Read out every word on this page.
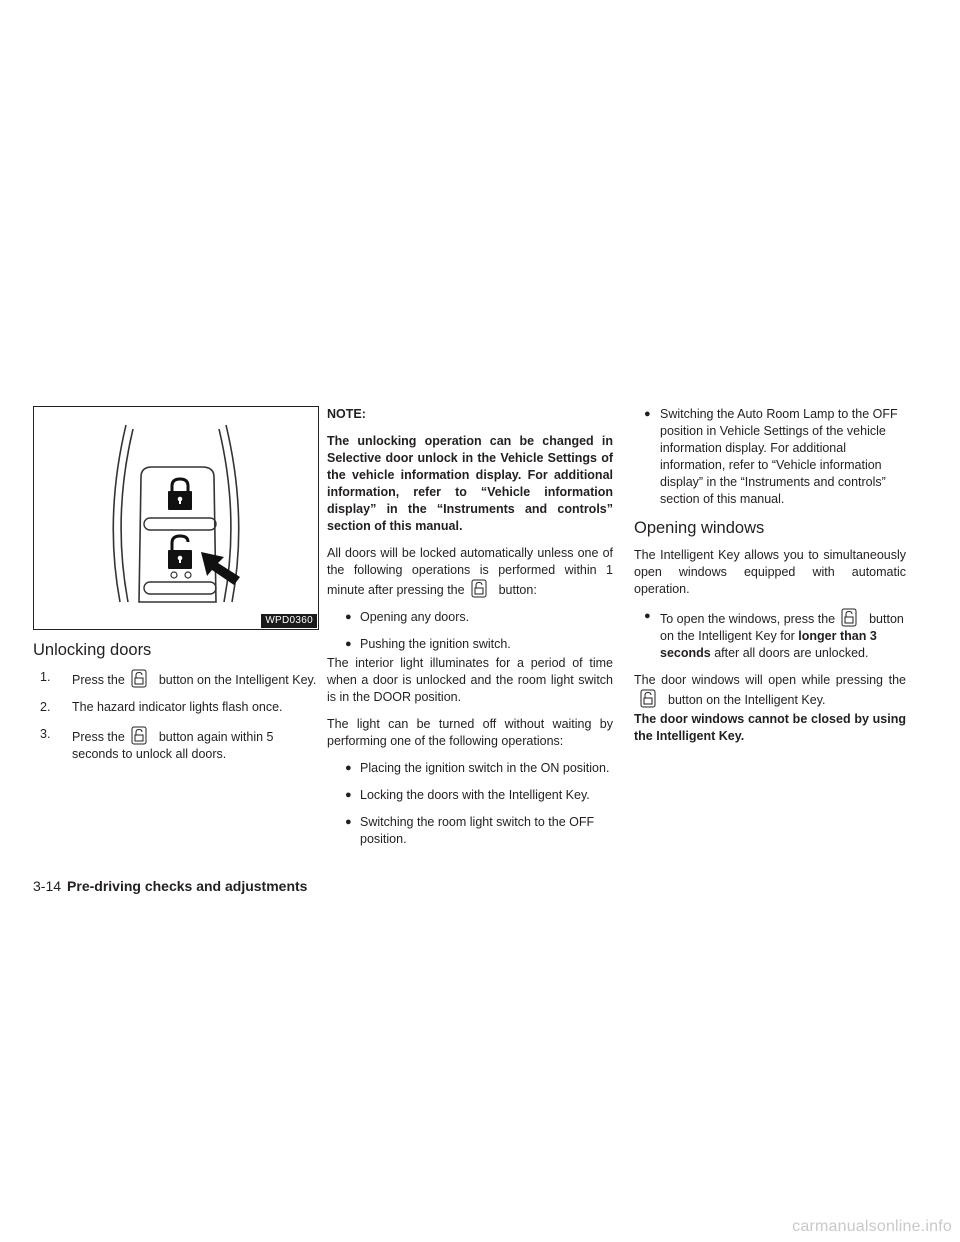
WPD0360
Unlocking doors
1. Press the	button on the Intelligent Key.
2. The hazard indicator lights flash once.
3. Press the	button again within 5 seconds to unlock all doors.
NOTE:

The unlocking operation can be changed in Selective door unlock in the Vehicle Settings of the vehicle information display. For additional information, refer to “Vehicle information display” in the “Instruments and controls” section of this manual.

All doors will be locked automatically unless one of the following operations is performed within 1 minute after pressing the	button:

● Opening any doors.
● Pushing the ignition switch.

The interior light illuminates for a period of time when a door is unlocked and the room light switch is in the DOOR position.

The light can be turned off without waiting by performing one of the following operations:

● Placing the ignition switch in the ON position.
● Locking the doors with the Intelligent Key.
● Switching the room light switch to the OFF position.
● Switching the Auto Room Lamp to the OFF position in Vehicle Settings of the vehicle information display. For additional information, refer to “Vehicle information display” in the “Instruments and controls” section of this manual.
Opening windows

The Intelligent Key allows you to simultaneously open windows equipped with automatic operation.

● To open the windows, press the	button on the Intelligent Key for longer than 3 seconds after all doors are unlocked.

The door windows will open while pressing the
button on the Intelligent Key.

The door windows cannot be closed by using the Intelligent Key.

3-14 Pre-driving checks and adjustments
carmanualsonline.info
